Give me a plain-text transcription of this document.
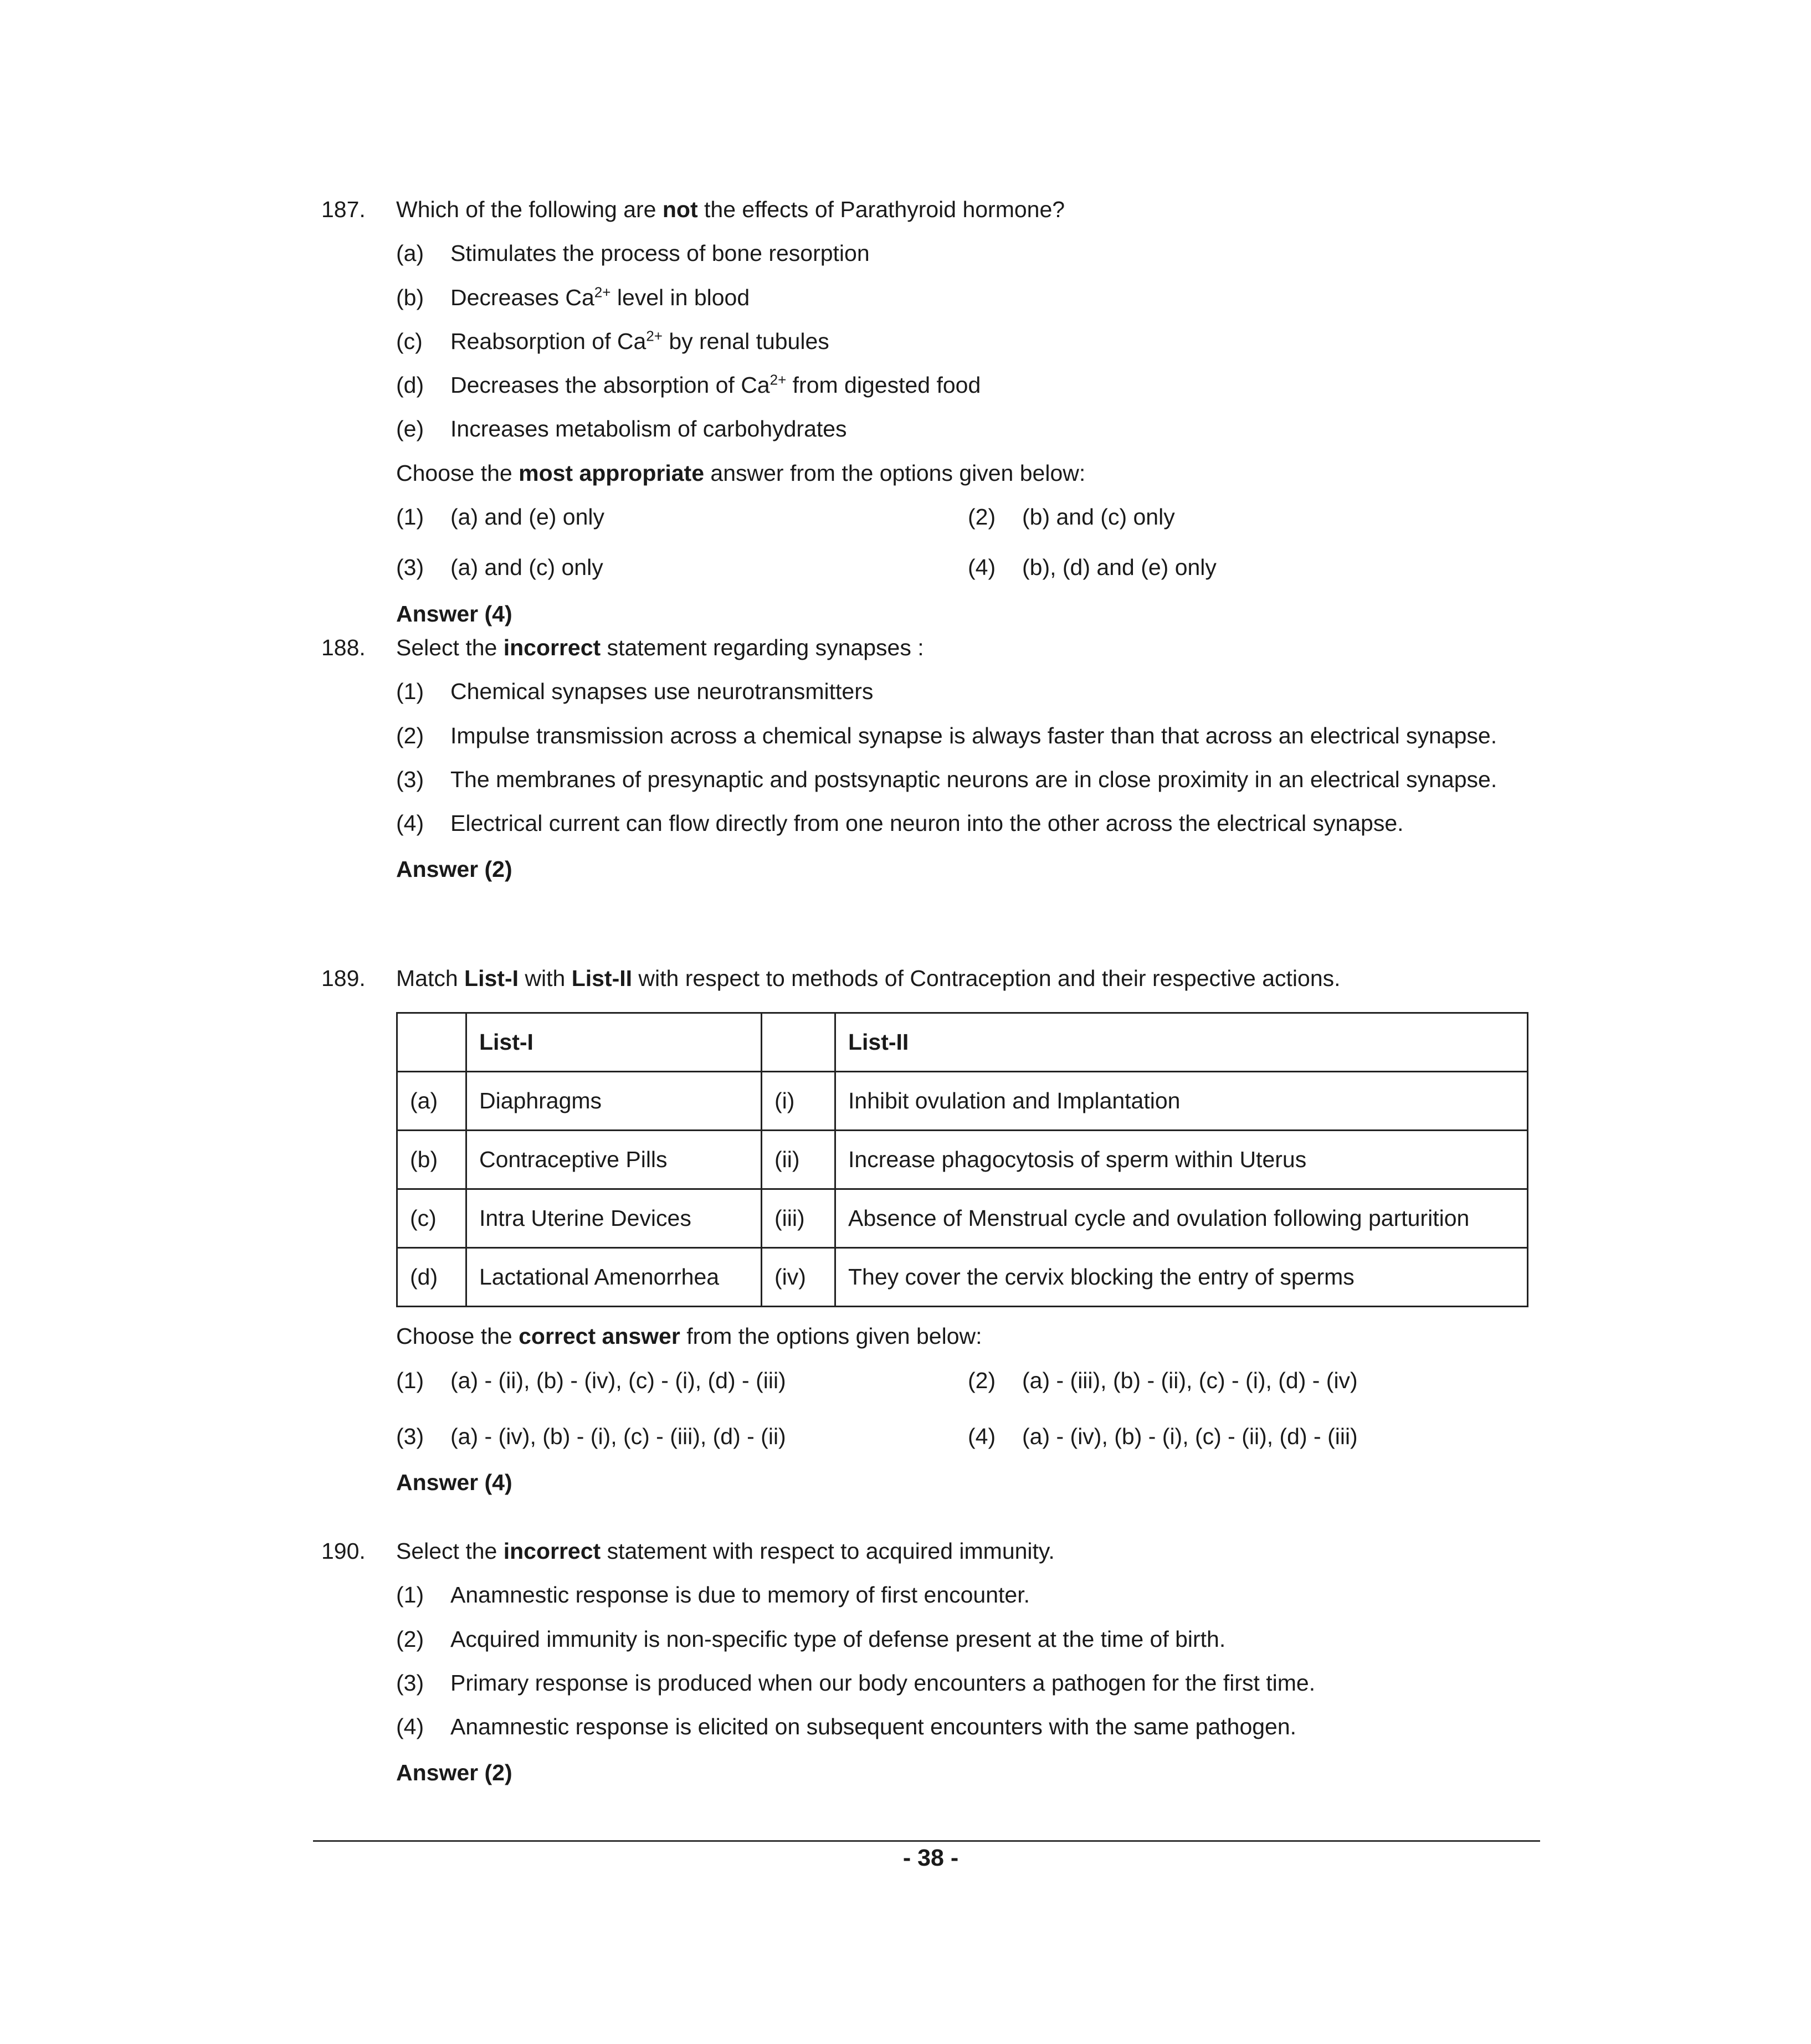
187.	Which of the following are not the effects of Parathyroid hormone?
(a)	Stimulates the process of bone resorption
(b)	Decreases $Ca^{2+}$ level in blood
(c)	Reabsorption of $Ca^{2+}$ by renal tubules
(d)	Decreases the absorption of $Ca^{2+}$ from digested food
(e)	Increases metabolism of carbohydrates
Choose the most appropriate answer from the options given below:
(1)	(a) and (e) only	(2)	(b) and (c) only
(3)	(a) and (c) only	(4)	(b), (d) and (e) only
Answer (4)
188.	Select the incorrect statement regarding synapses :
(1)	Chemical synapses use neurotransmitters
(2)	Impulse transmission across a chemical synapse is always faster than that across an electrical synapse.
(3)	The membranes of presynaptic and postsynaptic neurons are in close proximity in an electrical synapse.
(4)	Electrical current can flow directly from one neuron into the other across the electrical synapse.
Answer (2)
189.	Match List-I with List-II with respect to methods of Contraception and their respective actions.
	List-I		List-II
(a)	Diaphragms	(i)	Inhibit ovulation and Implantation
(b)	Contraceptive Pills	(ii)	Increase phagocytosis of sperm within Uterus
(c)	Intra Uterine Devices	(iii)	Absence of Menstrual cycle and ovulation following parturition
(d)	Lactational Amenorrhea	(iv)	They cover the cervix blocking the entry of sperms
Choose the correct answer from the options given below:
(1)	(a) - (ii), (b) - (iv), (c) - (i), (d) - (iii)	(2)	(a) - (iii), (b) - (ii), (c) - (i), (d) - (iv)
(3)	(a) - (iv), (b) - (i), (c) - (iii), (d) - (ii)	(4)	(a) - (iv), (b) - (i), (c) - (ii), (d) - (iii)
Answer (4)
190.	Select the incorrect statement with respect to acquired immunity.
(1)	Anamnestic response is due to memory of first encounter.
(2)	Acquired immunity is non-specific type of defense present at the time of birth.
(3)	Primary response is produced when our body encounters a pathogen for the first time.
(4)	Anamnestic response is elicited on subsequent encounters with the same pathogen.
Answer (2)
- 38 -
